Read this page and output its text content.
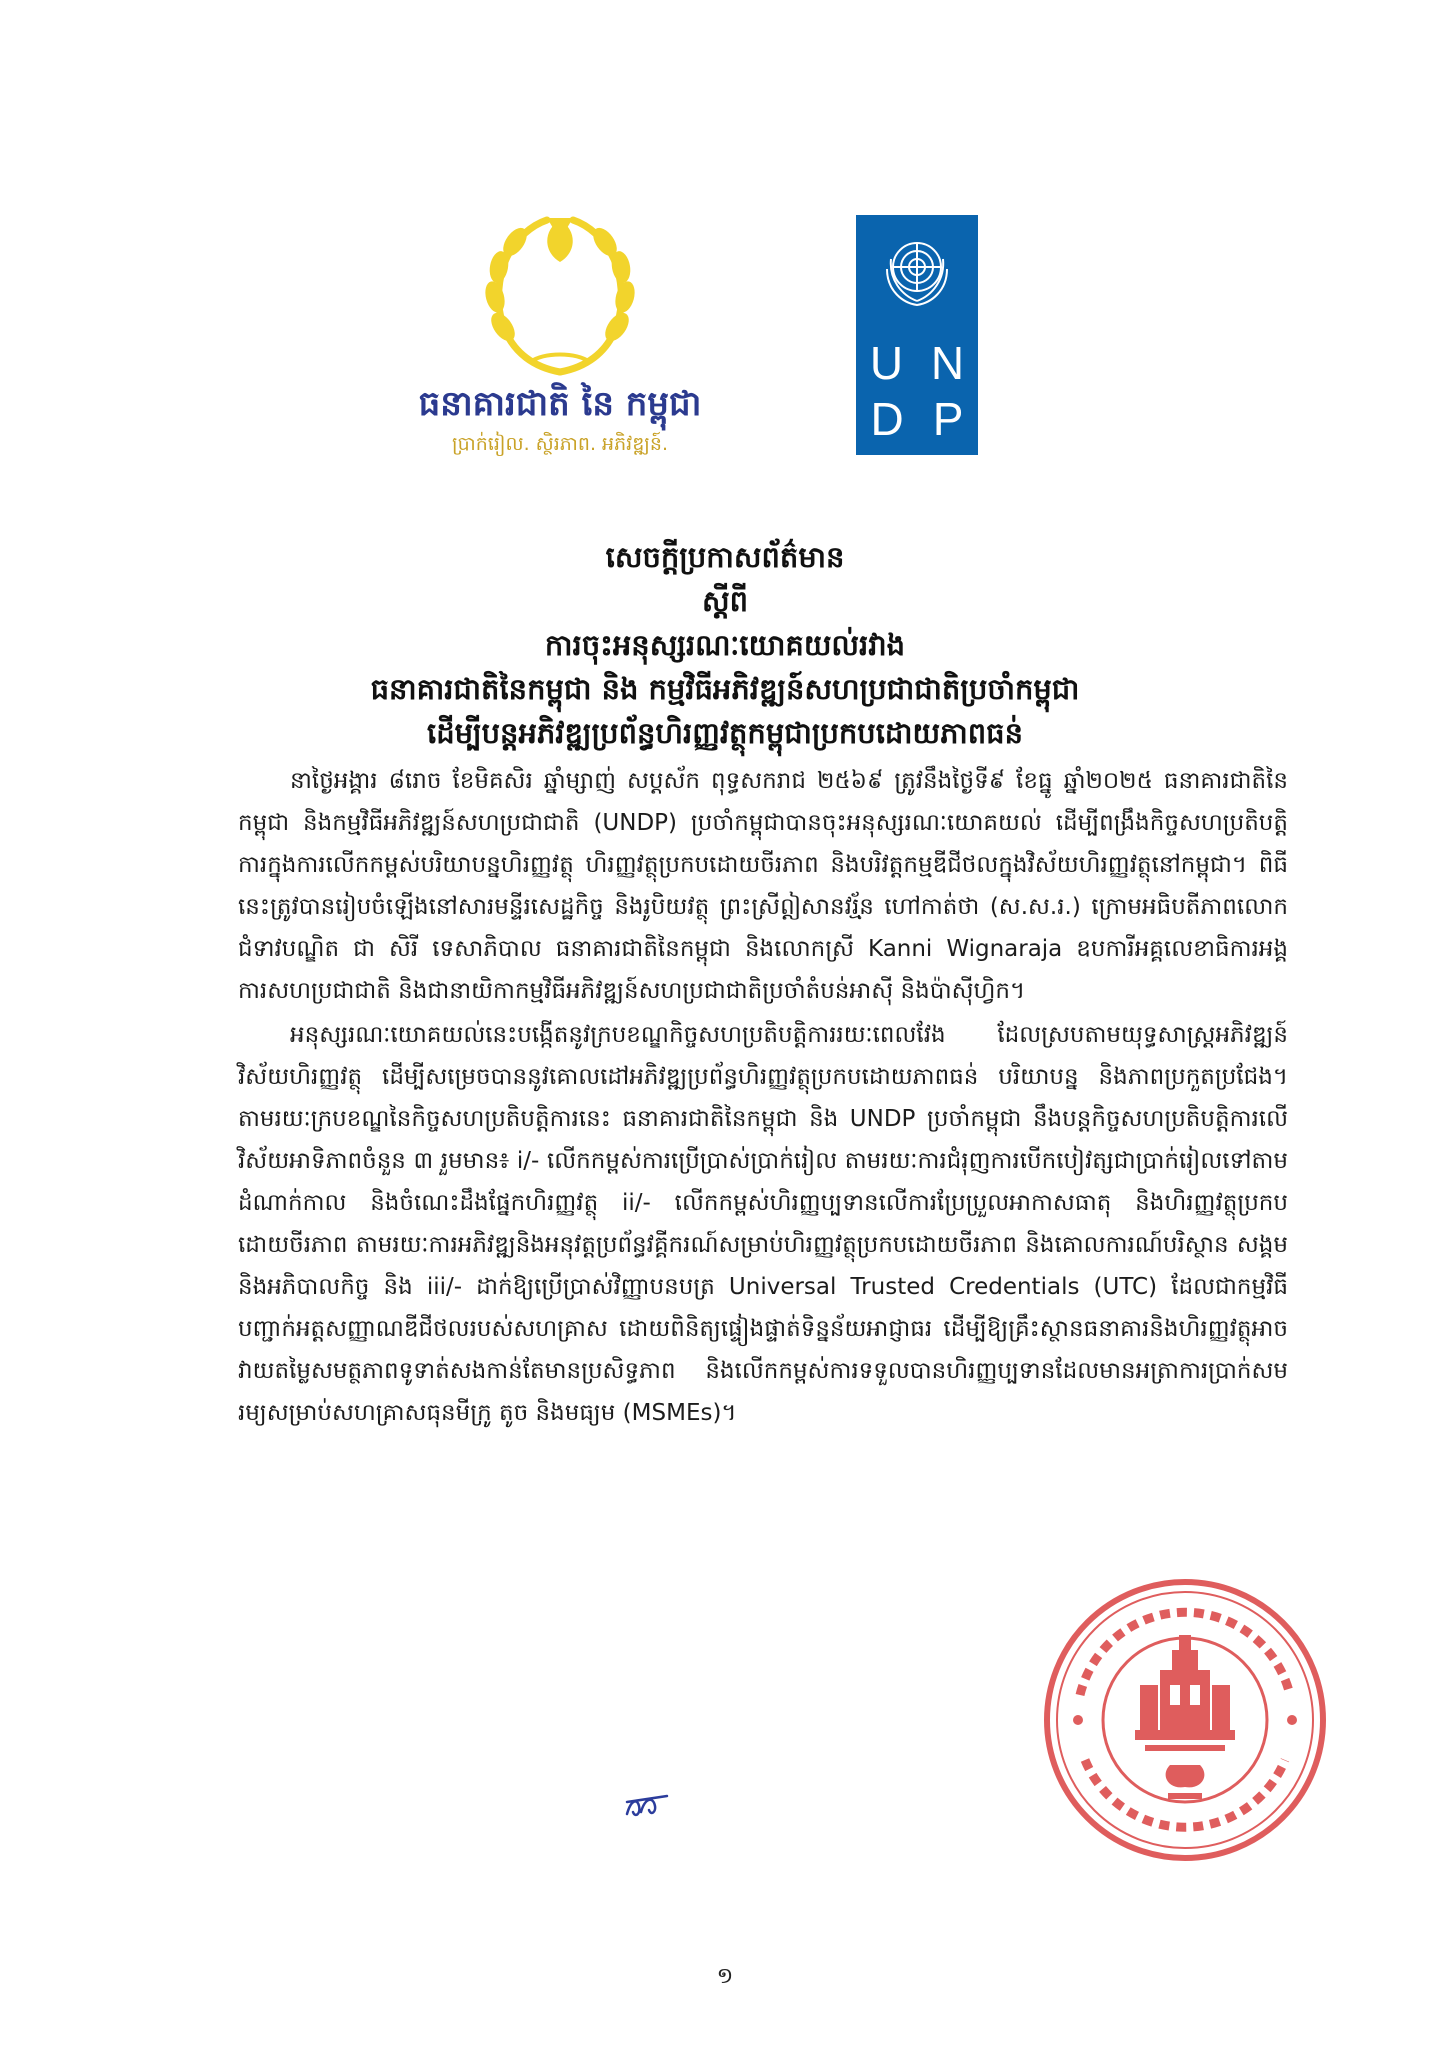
ធនាគារជាតិ នៃ កម្ពុជា
ប្រាក់រៀល. ស្ថិរភាព. អភិវឌ្ឍន៍.
U N
D P
សេចក្តីប្រកាសព័ត៌មាន
ស្តីពី
ការចុះអនុស្សរណៈយោគយល់រវាង
ធនាគារជាតិនៃកម្ពុជា និង កម្មវិធីអភិវឌ្ឍន៍សហប្រជាជាតិប្រចាំកម្ពុជា
ដើម្បីបន្តអភិវឌ្ឍប្រព័ន្ធហិរញ្ញវត្ថុកម្ពុជាប្រកបដោយភាពធន់

នាថ្ងៃអង្គារ ៨រោច ខែមិគសិរ ឆ្នាំម្សាញ់ សប្តស័ក ពុទ្ធសករាជ ២៥៦៩ ត្រូវនឹងថ្ងៃទី៩ ខែធ្នូ ឆ្នាំ២០២៥ ធនាគារជាតិនៃកម្ពុជា និងកម្មវិធីអភិវឌ្ឍន៍សហប្រជាជាតិ (UNDP) ប្រចាំកម្ពុជាបានចុះអនុស្សរណៈយោគយល់ ដើម្បីពង្រឹងកិច្ចសហប្រតិបត្តិការក្នុងការលើកកម្ពស់បរិយាបន្នហិរញ្ញវត្ថុ ហិរញ្ញវត្ថុប្រកបដោយចីរភាព និងបរិវត្តកម្មឌីជីថលក្នុងវិស័យហិរញ្ញវត្ថុនៅកម្ពុជា។ ពិធីនេះត្រូវបានរៀបចំឡើងនៅសារមន្ទីរសេដ្ឋកិច្ច និងរូបិយវត្ថុ ព្រះស្រីឦសានវរ្ម័ន ហៅកាត់ថា (ស.ស.រ.) ក្រោមអធិបតីភាពលោកជំទាវបណ្ឌិត ជា សិរី ទេសាភិបាល ធនាគារជាតិនៃកម្ពុជា និងលោកស្រី Kanni Wignaraja ឧបការីអគ្គលេខាធិការអង្គការសហប្រជាជាតិ និងជានាយិកាកម្មវិធីអភិវឌ្ឍន៍សហប្រជាជាតិប្រចាំតំបន់អាស៊ី និងប៉ាស៊ីហ្វិក។

អនុស្សរណៈយោគយល់នេះបង្កើតនូវក្របខណ្ឌកិច្ចសហប្រតិបត្តិការរយៈពេលវែង ដែលស្របតាមយុទ្ធសាស្ត្រអភិវឌ្ឍន៍វិស័យហិរញ្ញវត្ថុ ដើម្បីសម្រេចបាននូវគោលដៅអភិវឌ្ឍប្រព័ន្ធហិរញ្ញវត្ថុប្រកបដោយភាពធន់ បរិយាបន្ន និងភាពប្រកួតប្រជែង។ តាមរយៈក្របខណ្ឌនៃកិច្ចសហប្រតិបត្តិការនេះ ធនាគារជាតិនៃកម្ពុជា និង UNDP ប្រចាំកម្ពុជា នឹងបន្តកិច្ចសហប្រតិបត្តិការលើវិស័យអាទិភាពចំនួន ៣ រួមមាន៖ i/- លើកកម្ពស់ការប្រើប្រាស់ប្រាក់រៀល តាមរយៈការជំរុញការបើកបៀវត្សជាប្រាក់រៀលទៅតាមដំណាក់កាល និងចំណេះដឹងផ្នែកហិរញ្ញវត្ថុ ii/- លើកកម្ពស់ហិរញ្ញប្បទានលើការប្រែប្រួលអាកាសធាតុ និងហិរញ្ញវត្ថុប្រកបដោយចីរភាព តាមរយៈការអភិវឌ្ឍនិងអនុវត្តប្រព័ន្ធវគ្គីករណ៍សម្រាប់ហិរញ្ញវត្ថុប្រកបដោយចីរភាព និងគោលការណ៍បរិស្ថាន សង្គម និងអភិបាលកិច្ច និង iii/- ដាក់ឱ្យប្រើប្រាស់វិញ្ញាបនបត្រ Universal Trusted Credentials (UTC) ដែលជាកម្មវិធីបញ្ជាក់អត្តសញ្ញាណឌីជីថលរបស់សហគ្រាស ដោយពិនិត្យផ្ទៀងផ្ទាត់ទិន្នន័យអាជ្ញាធរ ដើម្បីឱ្យគ្រឹះស្ថានធនាគារនិងហិរញ្ញវត្ថុអាចវាយតម្លៃសមត្ថភាពទូទាត់សងកាន់តែមានប្រសិទ្ធភាព និងលើកកម្ពស់ការទទួលបានហិរញ្ញប្បទានដែលមានអត្រាការប្រាក់សមរម្យសម្រាប់សហគ្រាសធុនមីក្រូ តូច និងមធ្យម (MSMEs)។

១
